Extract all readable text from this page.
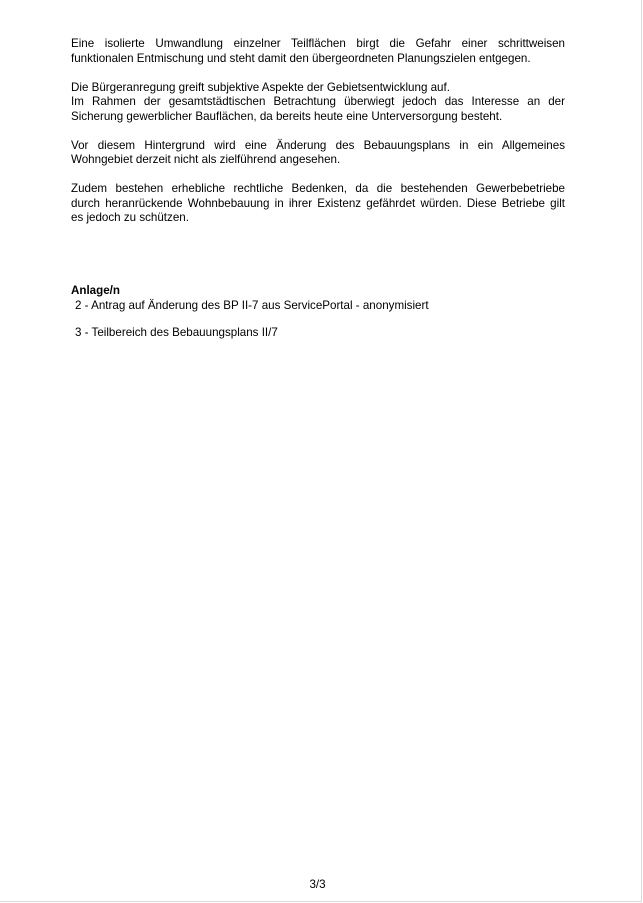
Eine isolierte Umwandlung einzelner Teilflächen birgt die Gefahr einer schrittweisen
funktionalen Entmischung und steht damit den übergeordneten Planungszielen entgegen.

Die Bürgeranregung greift subjektive Aspekte der Gebietsentwicklung auf.
Im Rahmen der gesamtstädtischen Betrachtung überwiegt jedoch das Interesse an der
Sicherung gewerblicher Bauflächen, da bereits heute eine Unterversorgung besteht.

Vor diesem Hintergrund wird eine Änderung des Bebauungsplans in ein Allgemeines
Wohngebiet derzeit nicht als zielführend angesehen.

Zudem bestehen erhebliche rechtliche Bedenken, da die bestehenden Gewerbebetriebe
durch heranrückende Wohnbebauung in ihrer Existenz gefährdet würden. Diese Betriebe gilt
es jedoch zu schützen.

Anlage/n

2 - Antrag auf Änderung des BP II-7 aus ServicePortal - anonymisiert

3 - Teilbereich des Bebauungsplans II/7

3/3
